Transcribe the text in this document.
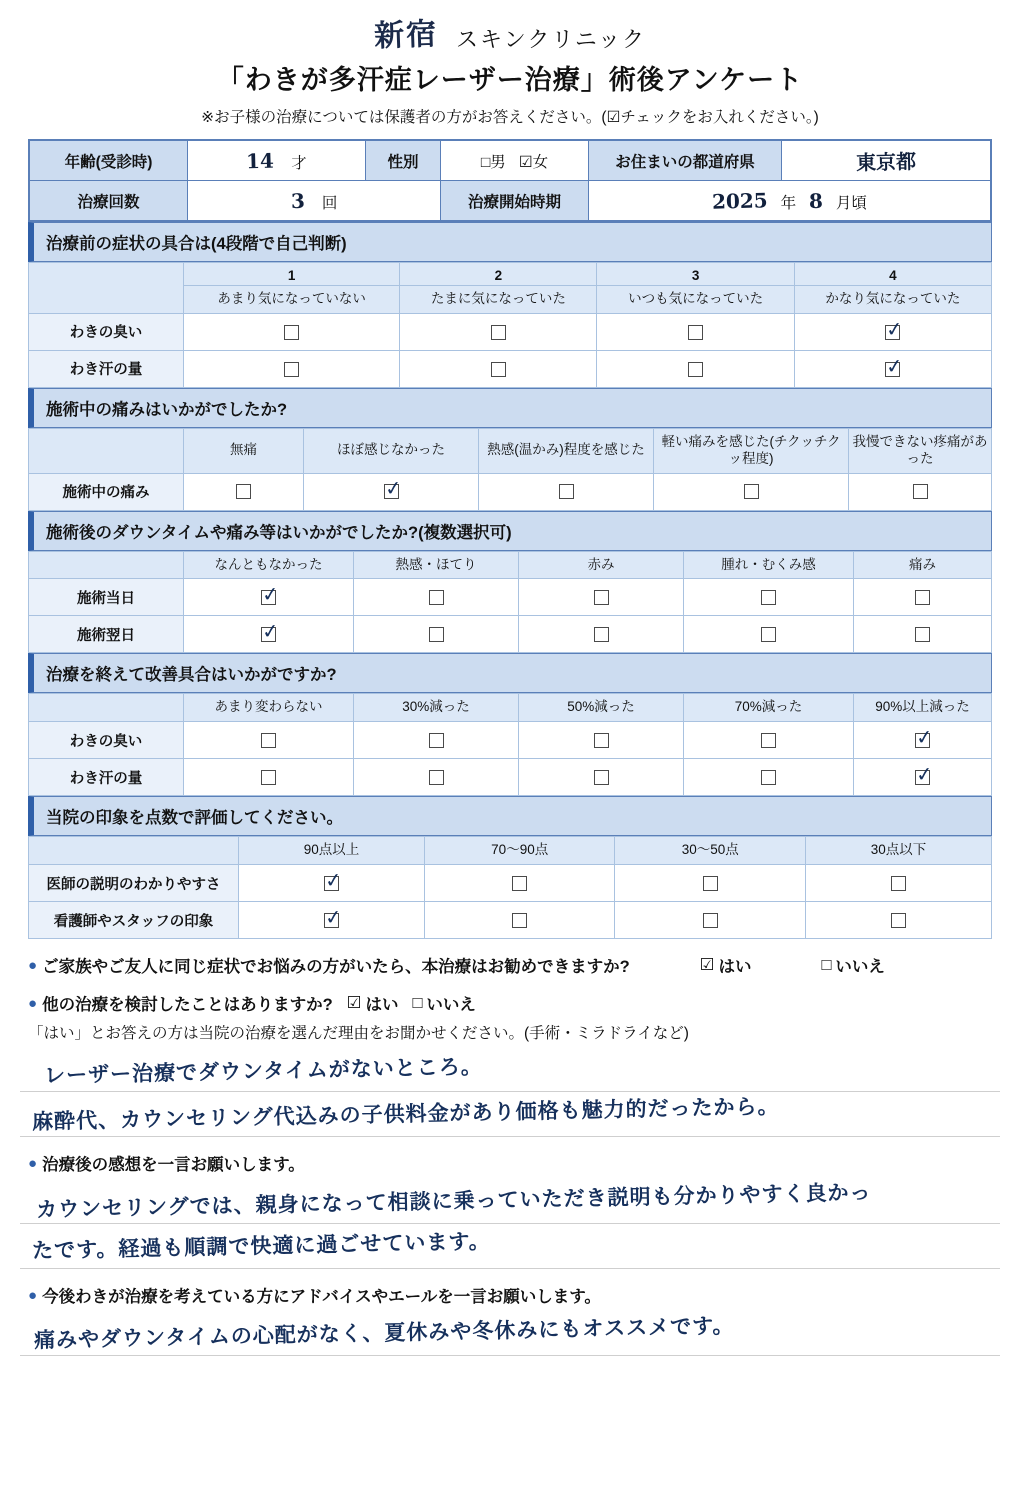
新宿 スキンクリニック
「わきが多汗症レーザー治療」術後アンケート
※お子様の治療については保護者の方がお答えください。(☑チェックをお入れください。)
年齢(受診時)	14 才	性別	□男 ☑女	お住まいの都道府県	東京都
治療回数	3 回		治療開始時期	2025 年 8 月頃	
治療前の症状の具合は(4段階で自己判断)
	1	2	3	4
	あまり気になっていない	たまに気になっていた	いつも気になっていた	かなり気になっていた
わきの臭い				✓
わき汗の量				✓
施術中の痛みはいかがでしたか?
	無痛	ほぼ感じなかった	熱感(温かみ)程度を感じた	軽い痛みを感じた(チクッチクッ程度)	我慢できない疼痛があった
施術中の痛み		✓			
施術後のダウンタイムや痛み等はいかがでしたか?(複数選択可)
	なんともなかった	熱感・ほてり	赤み	腫れ・むくみ感	痛み
施術当日	✓				
施術翌日	✓				
治療を終えて改善具合はいかがですか?
	あまり変わらない	30%減った	50%減った	70%減った	90%以上減った
わきの臭い					✓
わき汗の量					✓
当院の印象を点数で評価してください。
	90点以上	70〜90点	30〜50点	30点以下
医師の説明のわかりやすさ	✓			
看護師やスタッフの印象	✓			
● ご家族やご友人に同じ症状でお悩みの方がいたら、本治療はお勧めできますか?	☑ はい	□ いいえ
● 他の治療を検討したことはありますか? ☑ はい □ いいえ
「はい」とお答えの方は当院の治療を選んだ理由をお聞かせください。(手術・ミラドライなど)
レーザー治療でダウンタイムがないところ。
麻酔代、カウンセリング代込みの子供料金があり価格も魅力的だったから。
● 治療後の感想を一言お願いします。
カウンセリングでは、親身になって相談に乗っていただき説明も分かりやすく良かっ
たです。経過も順調で快適に過ごせています。
● 今後わきが治療を考えている方にアドバイスやエールを一言お願いします。
痛みやダウンタイムの心配がなく、夏休みや冬休みにもオススメです。
